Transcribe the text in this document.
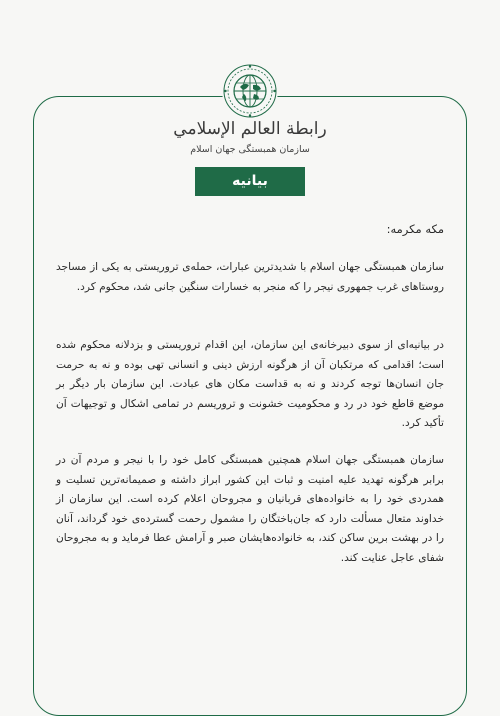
رابطة العالم الإسلامي
سازمان همبستگی جهان اسلام
بیانیه
مکه مکرمه:
سازمان همبستگی جهان اسلام با شدیدترین عبارات، حمله‌ی تروریستی به یکی از مساجد روستاهای غرب جمهوری نیجر را که منجر به خسارات سنگین جانی شد، محکوم کرد.
در بیانیه‌ای از سوی دبیرخانه‌ی این سازمان، این اقدام تروریستی و بزدلانه محکوم شده است؛ اقدامی که مرتکبان آن از هرگونه ارزش دینی و انسانی تهی بوده و نه به حرمت جان انسان‌ها توجه کردند و نه به قداست مکان های عبادت. این سازمان بار دیگر بر موضع قاطع خود در رد و محکومیت خشونت و تروریسم در تمامی اشکال و توجیهات آن تأکید کرد.
سازمان همبستگی جهان اسلام همچنین همبستگی کامل خود را با نیجر و مردم آن در برابر هرگونه تهدید علیه امنیت و ثبات این کشور ابراز داشته و صمیمانه‌ترین تسلیت و همدردی خود را به خانواده‌های قربانیان و مجروحان اعلام کرده است. این سازمان از خداوند متعال مسألت دارد که جان‌باختگان را مشمول رحمت گسترده‌ی خود گرداند، آنان را در بهشت برین ساکن کند، به خانواده‌هایشان صبر و آرامش عطا فرماید و به مجروحان شفای عاجل عنایت کند.
